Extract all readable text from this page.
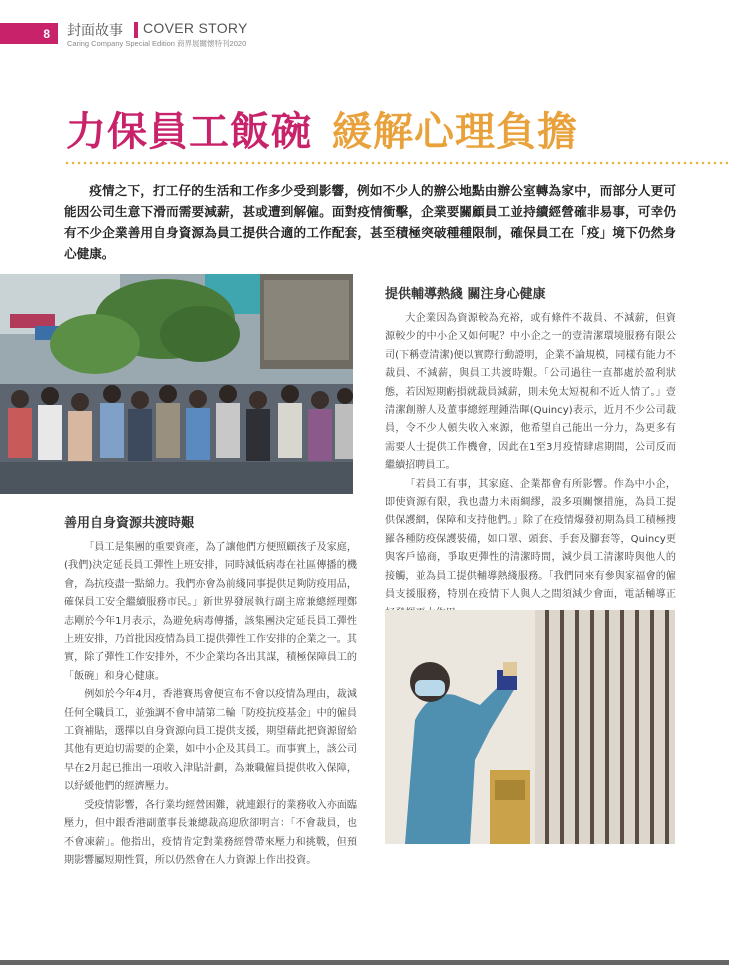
8	封面故事 COVER STORY
Caring Company Special Edition 商界展關懷特刊2020
力保員工飯碗 緩解心理負擔

疫情之下，打工仔的生活和工作多少受到影響，例如不少人的辦公地點由辦公室轉為家中，而部分人更可能因公司生意下滑而需要減薪，甚或遭到解僱。面對疫情衝擊，企業要關顧員工並持續經營確非易事，可幸仍有不少企業善用自身資源為員工提供合適的工作配套，甚至積極突破種種限制，確保員工在「疫」境下仍然身心健康。

善用自身資源共渡時艱

「員工是集團的重要資產，為了讓他們方便照顧孩子及家庭，(我們)決定延長員工彈性上班安排，同時減低病毒在社區傳播的機會，為抗疫盡一點綿力。我們亦會為前綫同事提供足夠防疫用品，確保員工安全繼續服務市民。」新世界發展執行副主席兼總經理鄭志剛於今年1月表示，為避免病毒傳播，該集團決定延長員工彈性上班安排，乃首批因疫情為員工提供彈性工作安排的企業之一。其實，除了彈性工作安排外，不少企業均各出其謀，積極保障員工的「飯碗」和身心健康。

例如於今年4月，香港賽馬會便宣布不會以疫情為理由，裁減任何全職員工，並強調不會申請第二輪「防疫抗疫基金」中的僱員工資補貼，選擇以自身資源向員工提供支援，期望藉此把資源留給其他有更迫切需要的企業，如中小企及其員工。而事實上，該公司早在2月起已推出一項收入津貼計劃，為兼職僱員提供收入保障，以紓緩他們的經濟壓力。

受疫情影響，各行業均經營困難，就連銀行的業務收入亦面臨壓力，但中銀香港副董事長兼總裁高迎欣卻明言：「不會裁員，也不會凍薪」。他指出，疫情肯定對業務經營帶來壓力和挑戰，但預期影響屬短期性質，所以仍然會在人力資源上作出投資。

提供輔導熱綫 關注身心健康

大企業因為資源較為充裕，或有條件不裁員、不減薪，但資源較少的中小企又如何呢？中小企之一的壹清潔環境服務有限公司(下稱壹清潔)便以實際行動證明，企業不論規模，同樣有能力不裁員、不減薪，與員工共渡時艱。「公司過往一直都處於盈利狀態，若因短期虧損就裁員減薪，則未免太短視和不近人情了。」壹清潔創辦人及董事總經理鍾浩暉(Quincy)表示，近月不少公司裁員，令不少人頓失收入來源，他希望自己能出一分力，為更多有需要人士提供工作機會，因此在1至3月疫情肆虐期間，公司反而繼續招聘員工。

「若員工有事，其家庭、企業都會有所影響。作為中小企，即使資源有限，我也盡力未雨綢繆，設多項關懷措施，為員工提供保護網，保障和支持他們。」除了在疫情爆發初期為員工積極搜羅各種防疫保護裝備，如口罩、頭套、手套及腳套等，Quincy更與客戶協商，爭取更彈性的清潔時間，減少員工清潔時與他人的接觸，並為員工提供輔導熱綫服務。「我們同來有參與家福會的僱員支援服務，特別在疫情下人與人之間須減少會面，電話輔導正
